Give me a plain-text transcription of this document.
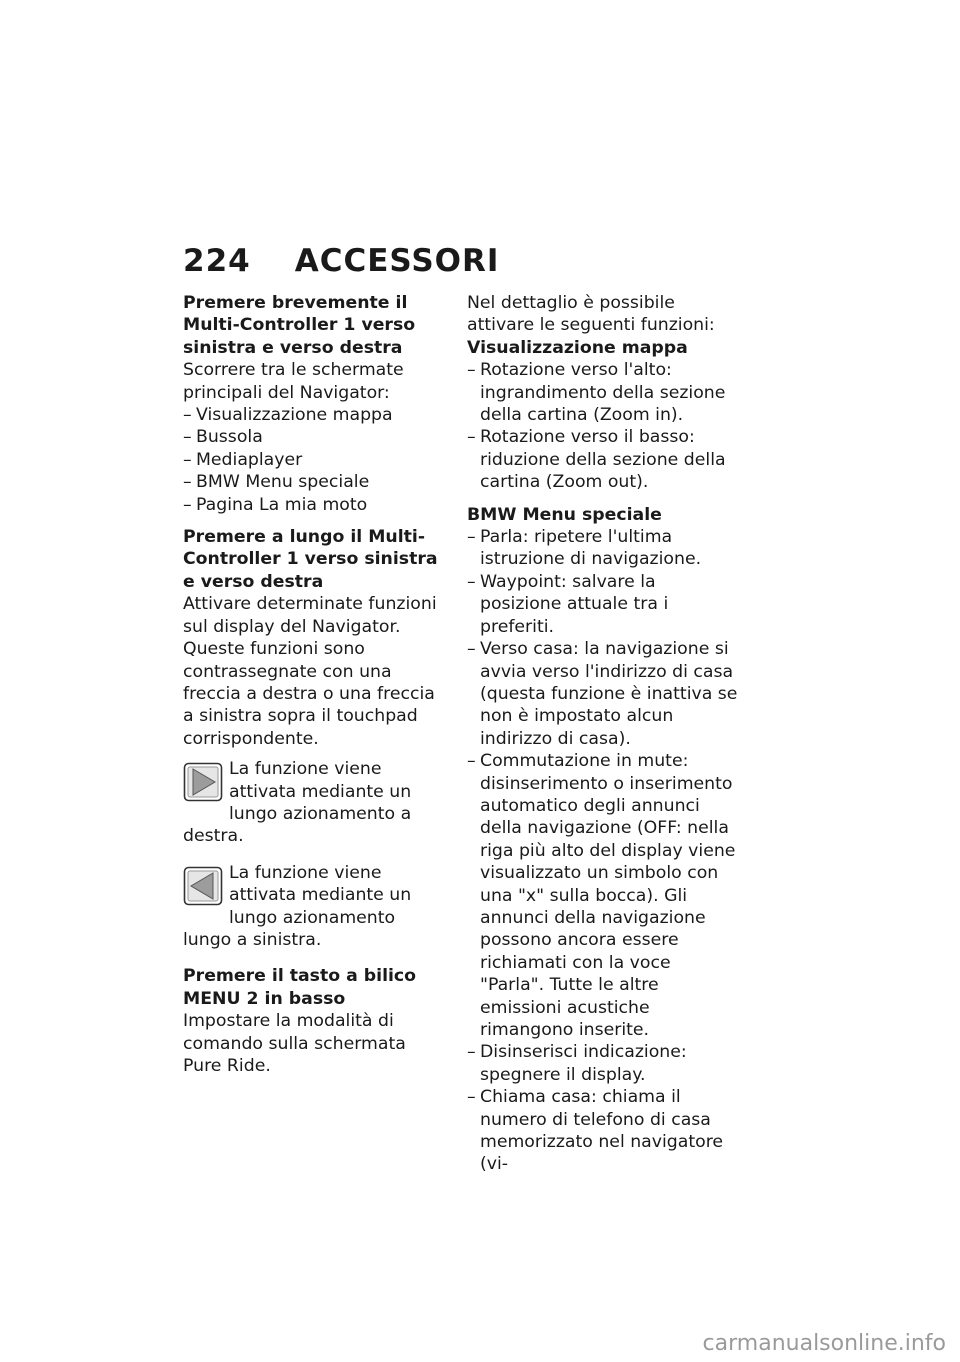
224 ACCESSORI

Premere brevemente il Multi-Controller 1 verso sinistra e verso destra

Scorrere tra le schermate principali del Navigator:

– Visualizzazione mappa
– Bussola
– Mediaplayer
– BMW Menu speciale
– Pagina La mia moto

Premere a lungo il Multi-Controller 1 verso sinistra e verso destra

Attivare determinate funzioni sul display del Navigator. Queste funzioni sono contrassegnate con una freccia a destra o una freccia a sinistra sopra il touchpad corrispondente.

La funzione viene attivata mediante un lungo azionamento a destra.
La funzione viene attivata mediante un lungo azionamento lungo a sinistra.

Premere il tasto a bilico MENU 2 in basso

Impostare la modalità di comando sulla schermata Pure Ride.

Nel dettaglio è possibile attivare le seguenti funzioni:

Visualizzazione mappa

– Rotazione verso l'alto: ingrandimento della sezione della cartina (Zoom in).
– Rotazione verso il basso: riduzione della sezione della cartina (Zoom out).

BMW Menu speciale

– Parla: ripetere l'ultima istruzione di navigazione.
– Waypoint: salvare la posizione attuale tra i preferiti.
– Verso casa: la navigazione si avvia verso l'indirizzo di casa (questa funzione è inattiva se non è impostato alcun indirizzo di casa).
– Commutazione in mute: disinserimento o inserimento automatico degli annunci della navigazione (OFF: nella riga più alto del display viene visualizzato un simbolo con una "x" sulla bocca). Gli annunci della navigazione possono ancora essere richiamati con la voce "Parla". Tutte le altre emissioni acustiche rimangono inserite.
– Disinserisci indicazione: spegnere il display.
– Chiama casa: chiama il numero di telefono di casa memorizzato nel navigatore (vi-
carmanualsonline.info
